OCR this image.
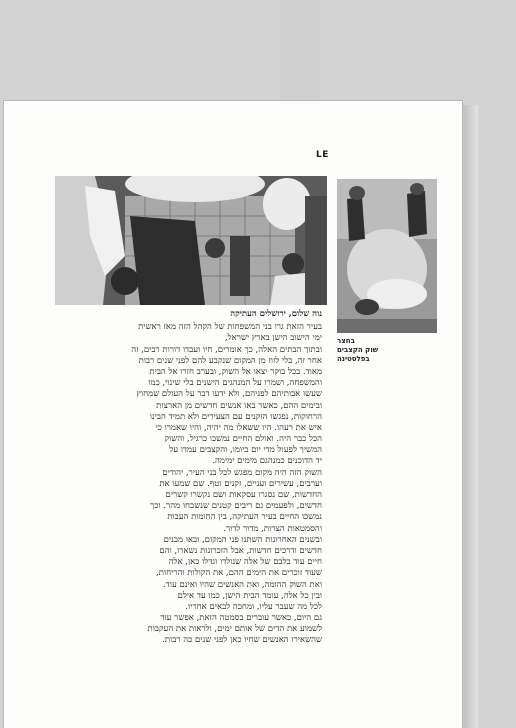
LE
בחצר
שוק הקצבים
בפלסטינה
נוה שלום, ירושלים העתיקה
בעיר הזאת גרו בני המשפחות של הקהל הזה מאז ראשית
ימי הישוב הישן בארץ ישראל,
ובתוך הבתים האלה, כך אומרים, חיו ועבדו דורות רבים, זה
אחר זה, בלי לזוז מן המקום שנקבע להם לפני שנים רבות
מאוד. בכל בוקר יצאו אל השוק, ובערב חזרו אל הבית
והמשפחה, ושמרו על המנהגים הישנים בלי שינוי, כמו
שעשו אבותיהם לפניהם, ולא ידעו דבר על העולם שמחוץ
ובימים ההם, כאשר באו אנשים חדשים מן הארצות
הרחוקות, נפגשו הזקנים עם הצעירים ולא תמיד הבינו
איש את רעהו. היו ששאלו מה יהיה, והיו שאמרו כי
הכל כבר היה. ואולם החיים נמשכו כרגיל, והשוק
המשיך לפעול מדי יום ביומו, והקצבים עמדו על
יד הדוכנים כמנהגם מימים ימימה.
השוק הזה היה מקום מפגש לכל בני העיר, יהודים
וערבים, עשירים ועניים, זקנים וטף. שם שמעו את
החדשות, שם נסגרו עסקאות ושם נקשרו קשרים
חדשים, ולפעמים גם ריבים קטנים שנשכחו מהר. וכך
נמשכו החיים בעיר העתיקה, בין החומות העבות
והסמטאות הצרות, מדור לדור.
ובשנים האחרונות השתנו פני המקום, ובאו מבנים
חדשים ודרכים חדשות, אבל הזכרונות נשארו, והם
חיים עוד בלבם של אלה שנולדו וגדלו כאן, אלה
שעוד זוכרים את הימים ההם, את הקולות והריחות,
ואת השוק ההומה, ואת האנשים שהיו ואינם עוד.
ובין כל אלה, עומד הבית הישן, כמו עד אילם
לכל מה שעבר עליו, ומחכה לבאים אחריו.
גם היום, כאשר עוברים בסמטה הזאת, אפשר עוד
לשמוע את הדים של אותם ימים, ולראות את העקבות
שהשאירו האנשים שחיו כאן לפני שנים כה רבות.
